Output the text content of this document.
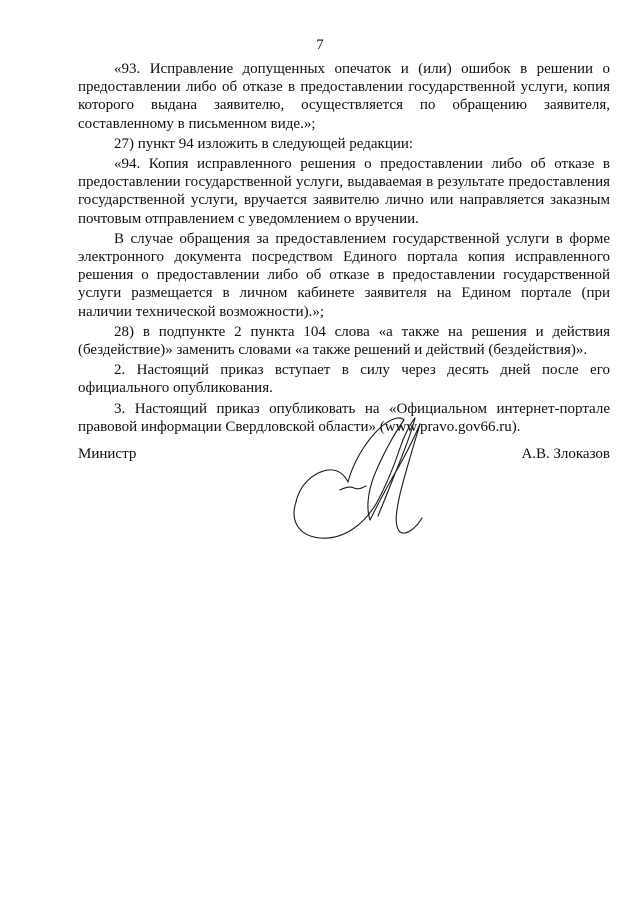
7

«93. Исправление допущенных опечаток и (или) ошибок в решении о предоставлении либо об отказе в предоставлении государственной услуги, копия которого выдана заявителю, осуществляется по обращению заявителя, составленному в письменном виде.»;

27) пункт 94 изложить в следующей редакции:

«94. Копия исправленного решения о предоставлении либо об отказе в предоставлении государственной услуги, выдаваемая в результате предоставления государственной услуги, вручается заявителю лично или направляется заказным почтовым отправлением с уведомлением о вручении.

В случае обращения за предоставлением государственной услуги в форме электронного документа посредством Единого портала копия исправленного решения о предоставлении либо об отказе в предоставлении государственной услуги размещается в личном кабинете заявителя на Едином портале (при наличии технической возможности).»;

28) в подпункте 2 пункта 104 слова «а также на решения и действия (бездействие)» заменить словами «а также решений и действий (бездействия)».

2. Настоящий приказ вступает в силу через десять дней после его официального опубликования.

3. Настоящий приказ опубликовать на «Официальном интернет-портале правовой информации Свердловской области» (www.pravo.gov66.ru).

Министр	А.В. Злоказов
